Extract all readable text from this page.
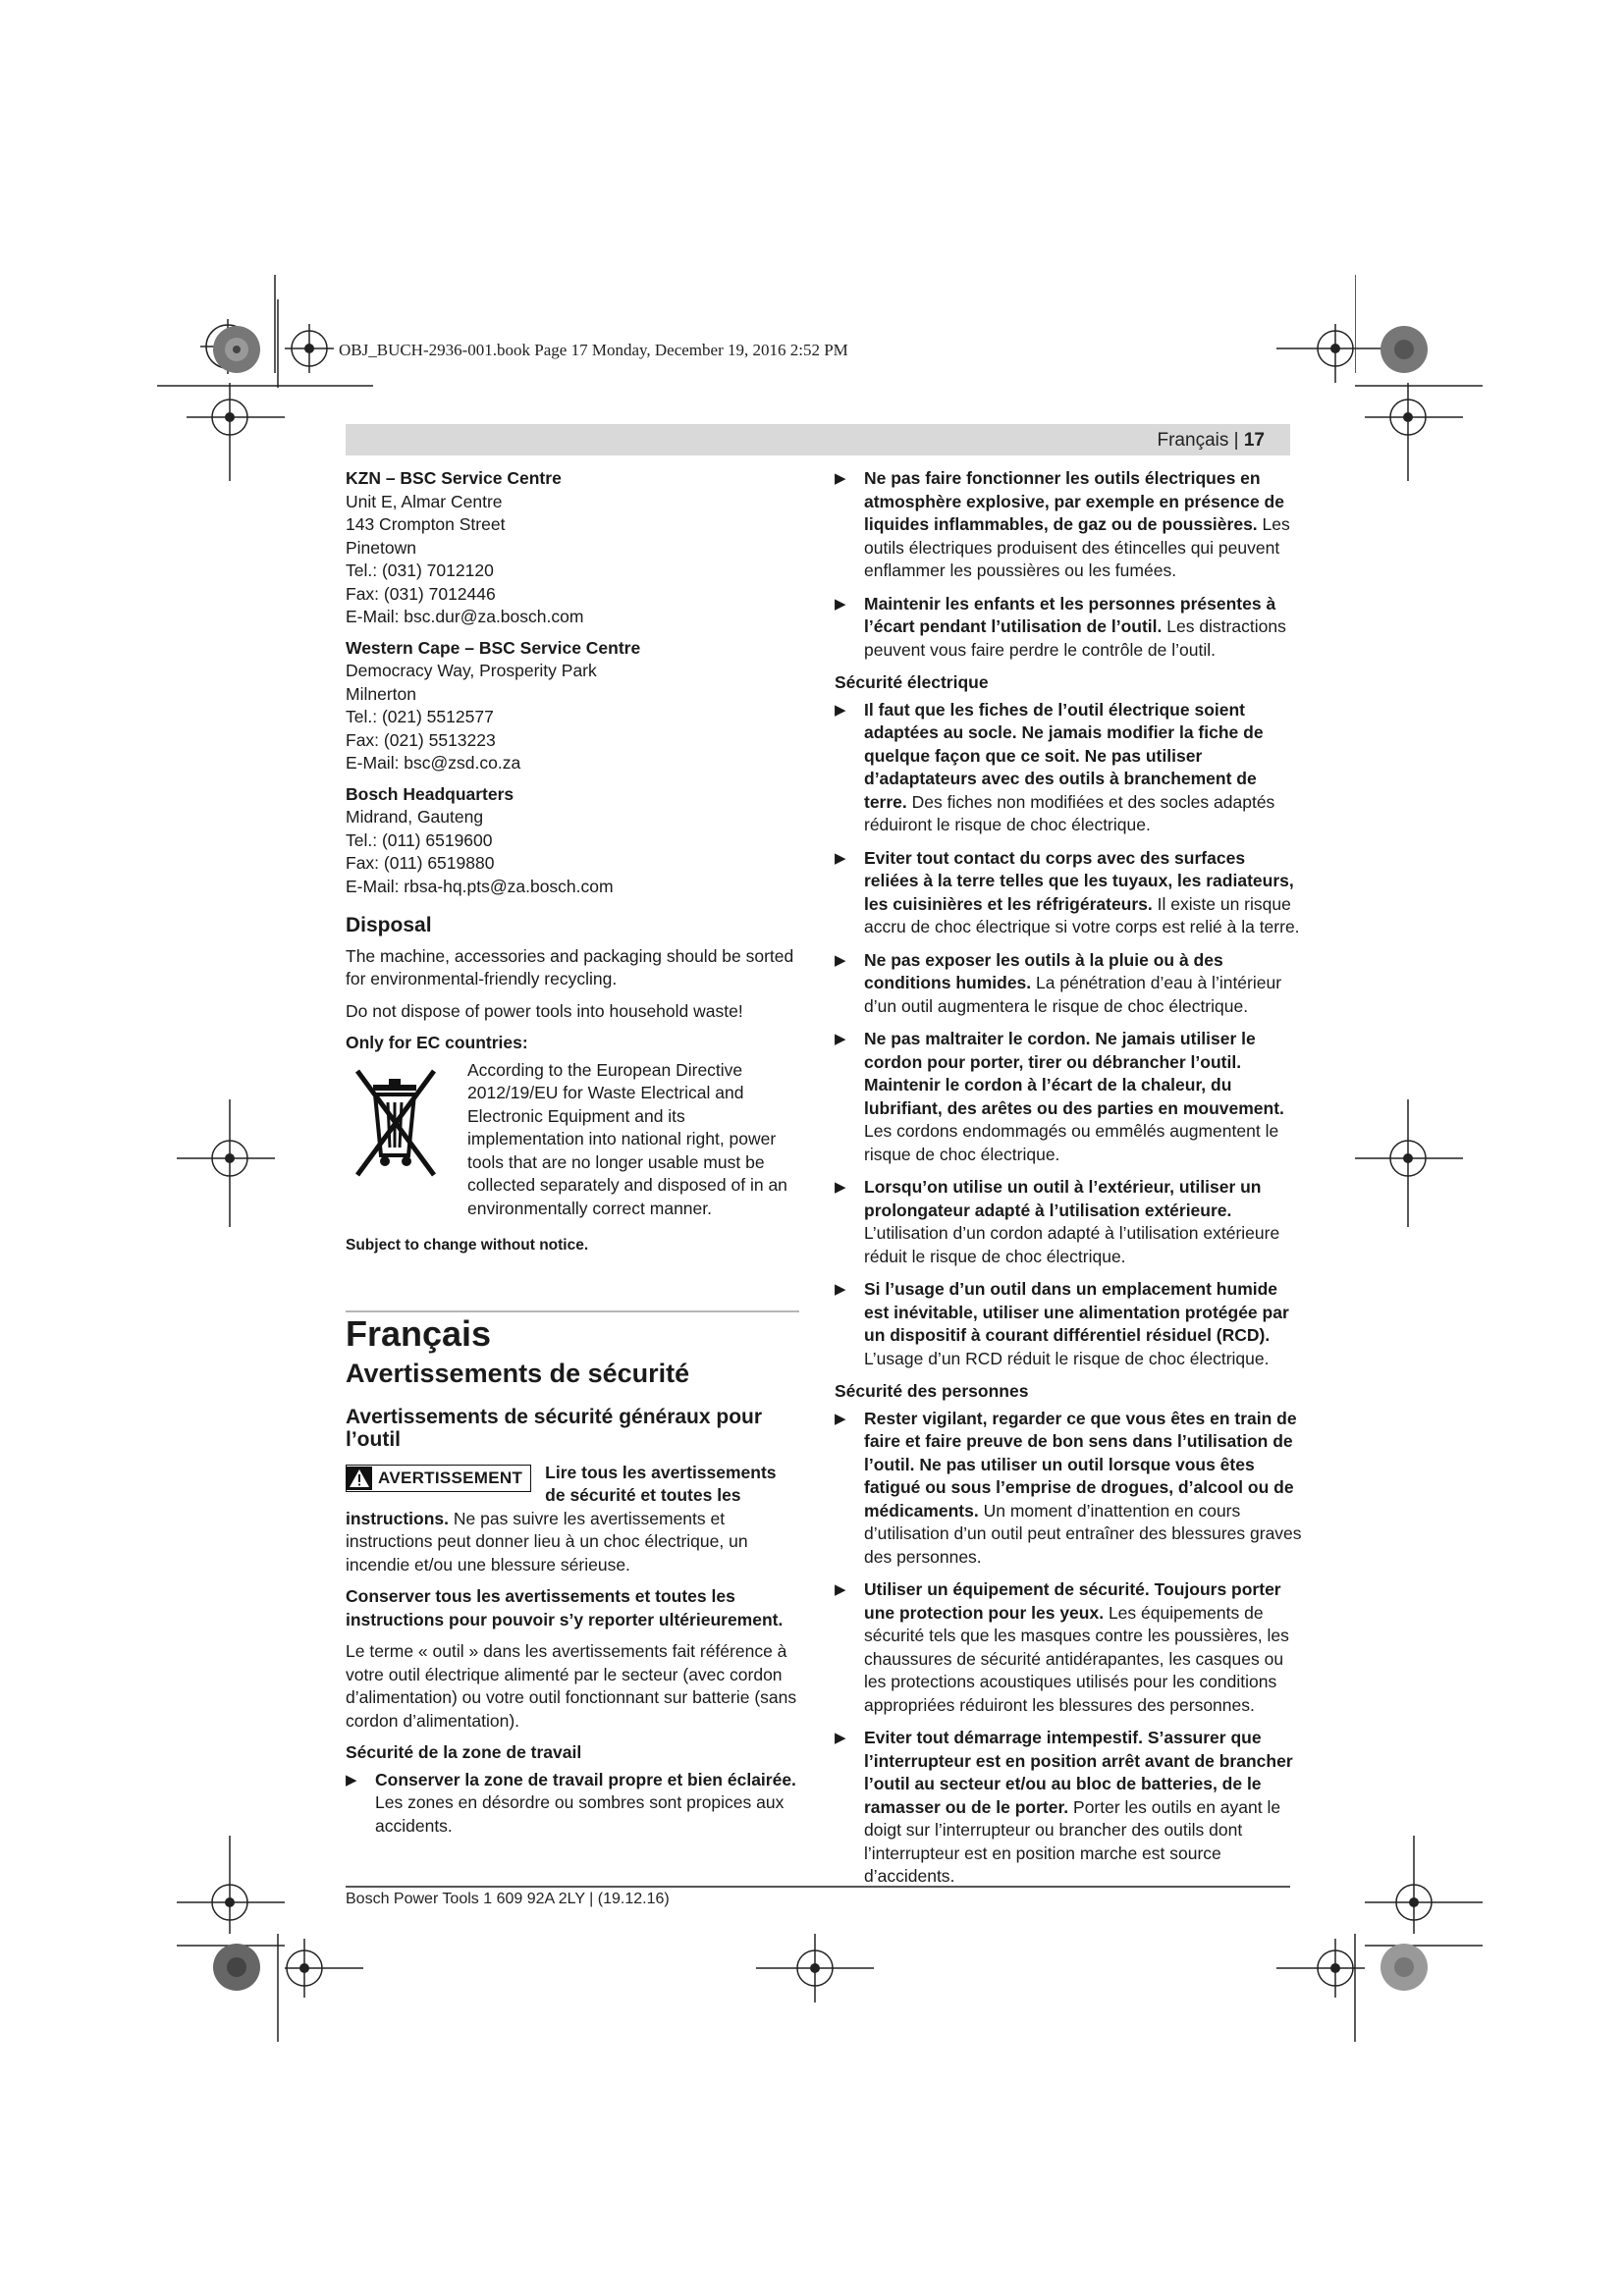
OBJ_BUCH-2936-001.book Page 17 Monday, December 19, 2016 2:52 PM
Français | 17
KZN – BSC Service Centre
Unit E, Almar Centre
143 Crompton Street
Pinetown
Tel.: (031) 7012120
Fax: (031) 7012446
E-Mail: bsc.dur@za.bosch.com
Western Cape – BSC Service Centre
Democracy Way, Prosperity Park
Milnerton
Tel.: (021) 5512577
Fax: (021) 5513223
E-Mail: bsc@zsd.co.za
Bosch Headquarters
Midrand, Gauteng
Tel.: (011) 6519600
Fax: (011) 6519880
E-Mail: rbsa-hq.pts@za.bosch.com
Disposal

The machine, accessories and packaging should be sorted for environmental-friendly recycling.

Do not dispose of power tools into household waste!

Only for EC countries:
According to the European Directive 2012/19/EU for Waste Electrical and Electronic Equipment and its implementation into national right, power tools that are no longer usable must be collected separately and disposed of in an environmentally correct manner.
Subject to change without notice.
Français
Avertissements de sécurité
Avertissements de sécurité généraux pour l’outil

AVERTISSEMENT Lire tous les avertissements de sécurité et toutes les instructions. Ne pas suivre les avertissements et instructions peut donner lieu à un choc électrique, un incendie et/ou une blessure sérieuse.

Conserver tous les avertissements et toutes les instructions pour pouvoir s’y reporter ultérieurement.

Le terme « outil » dans les avertissements fait référence à votre outil électrique alimenté par le secteur (avec cordon d’alimentation) ou votre outil fonctionnant sur batterie (sans cordon d’alimentation).

Sécurité de la zone de travail
▶ Conserver la zone de travail propre et bien éclairée. Les zones en désordre ou sombres sont propices aux accidents.
▶ Ne pas faire fonctionner les outils électriques en atmosphère explosive, par exemple en présence de liquides inflammables, de gaz ou de poussières. Les outils électriques produisent des étincelles qui peuvent enflammer les poussières ou les fumées.
▶ Maintenir les enfants et les personnes présentes à l’écart pendant l’utilisation de l’outil. Les distractions peuvent vous faire perdre le contrôle de l’outil.
Sécurité électrique
▶ Il faut que les fiches de l’outil électrique soient adaptées au socle. Ne jamais modifier la fiche de quelque façon que ce soit. Ne pas utiliser d’adaptateurs avec des outils à branchement de terre. Des fiches non modifiées et des socles adaptés réduiront le risque de choc électrique.
▶ Eviter tout contact du corps avec des surfaces reliées à la terre telles que les tuyaux, les radiateurs, les cuisinières et les réfrigérateurs. Il existe un risque accru de choc électrique si votre corps est relié à la terre.
▶ Ne pas exposer les outils à la pluie ou à des conditions humides. La pénétration d’eau à l’intérieur d’un outil augmentera le risque de choc électrique.
▶ Ne pas maltraiter le cordon. Ne jamais utiliser le cordon pour porter, tirer ou débrancher l’outil. Maintenir le cordon à l’écart de la chaleur, du lubrifiant, des arêtes ou des parties en mouvement. Les cordons endommagés ou emmêlés augmentent le risque de choc électrique.
▶ Lorsqu’on utilise un outil à l’extérieur, utiliser un prolongateur adapté à l’utilisation extérieure. L’utilisation d’un cordon adapté à l’utilisation extérieure réduit le risque de choc électrique.
▶ Si l’usage d’un outil dans un emplacement humide est inévitable, utiliser une alimentation protégée par un dispositif à courant différentiel résiduel (RCD). L’usage d’un RCD réduit le risque de choc électrique.
Sécurité des personnes
▶ Rester vigilant, regarder ce que vous êtes en train de faire et faire preuve de bon sens dans l’utilisation de l’outil. Ne pas utiliser un outil lorsque vous êtes fatigué ou sous l’emprise de drogues, d’alcool ou de médicaments. Un moment d’inattention en cours d’utilisation d’un outil peut entraîner des blessures graves des personnes.
▶ Utiliser un équipement de sécurité. Toujours porter une protection pour les yeux. Les équipements de sécurité tels que les masques contre les poussières, les chaussures de sécurité antidérapantes, les casques ou les protections acoustiques utilisés pour les conditions appropriées réduiront les blessures des personnes.
▶ Eviter tout démarrage intempestif. S’assurer que l’interrupteur est en position arrêt avant de brancher l’outil au secteur et/ou au bloc de batteries, de le ramasser ou de le porter. Porter les outils en ayant le doigt sur l’interrupteur ou brancher des outils dont l’interrupteur est en position marche est source d’accidents.
Bosch Power Tools 1 609 92A 2LY | (19.12.16)
